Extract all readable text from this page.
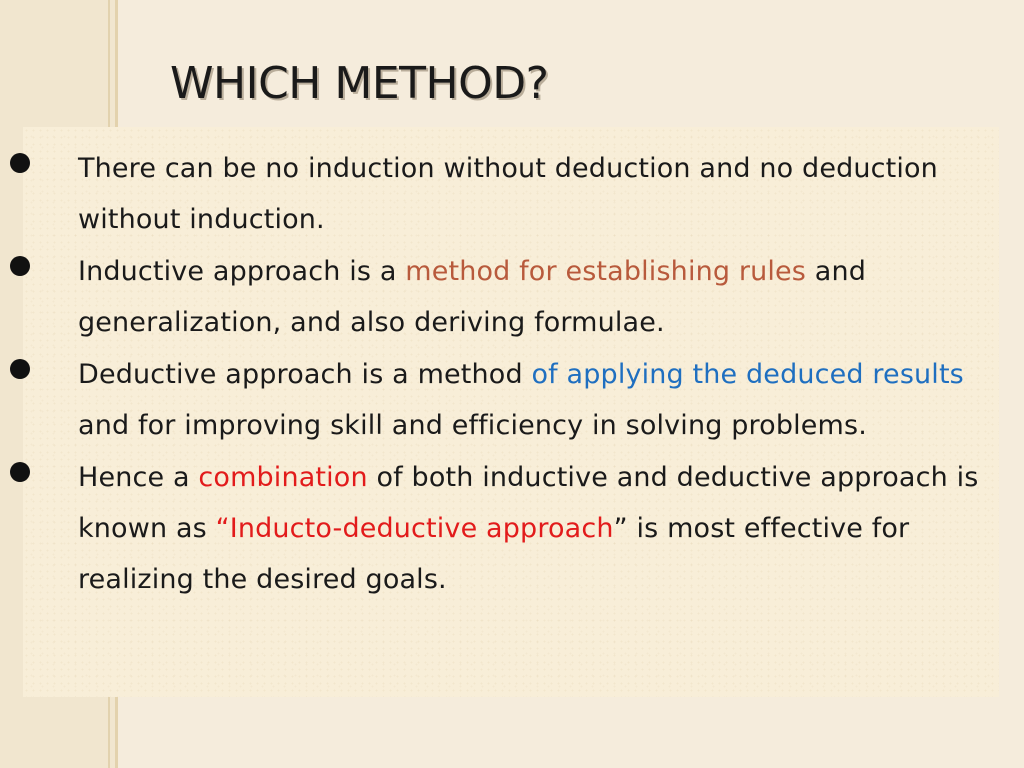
WHICH METHOD?
There can be no induction without deduction and no deduction without induction.
Inductive approach is a method for establishing rules and generalization, and also deriving formulae.
Deductive approach is a method of applying the deduced results and for improving skill and efficiency in solving problems.
Hence a combination of both inductive and deductive approach is known as “Inducto-deductive approach” is most effective for realizing the desired goals.
